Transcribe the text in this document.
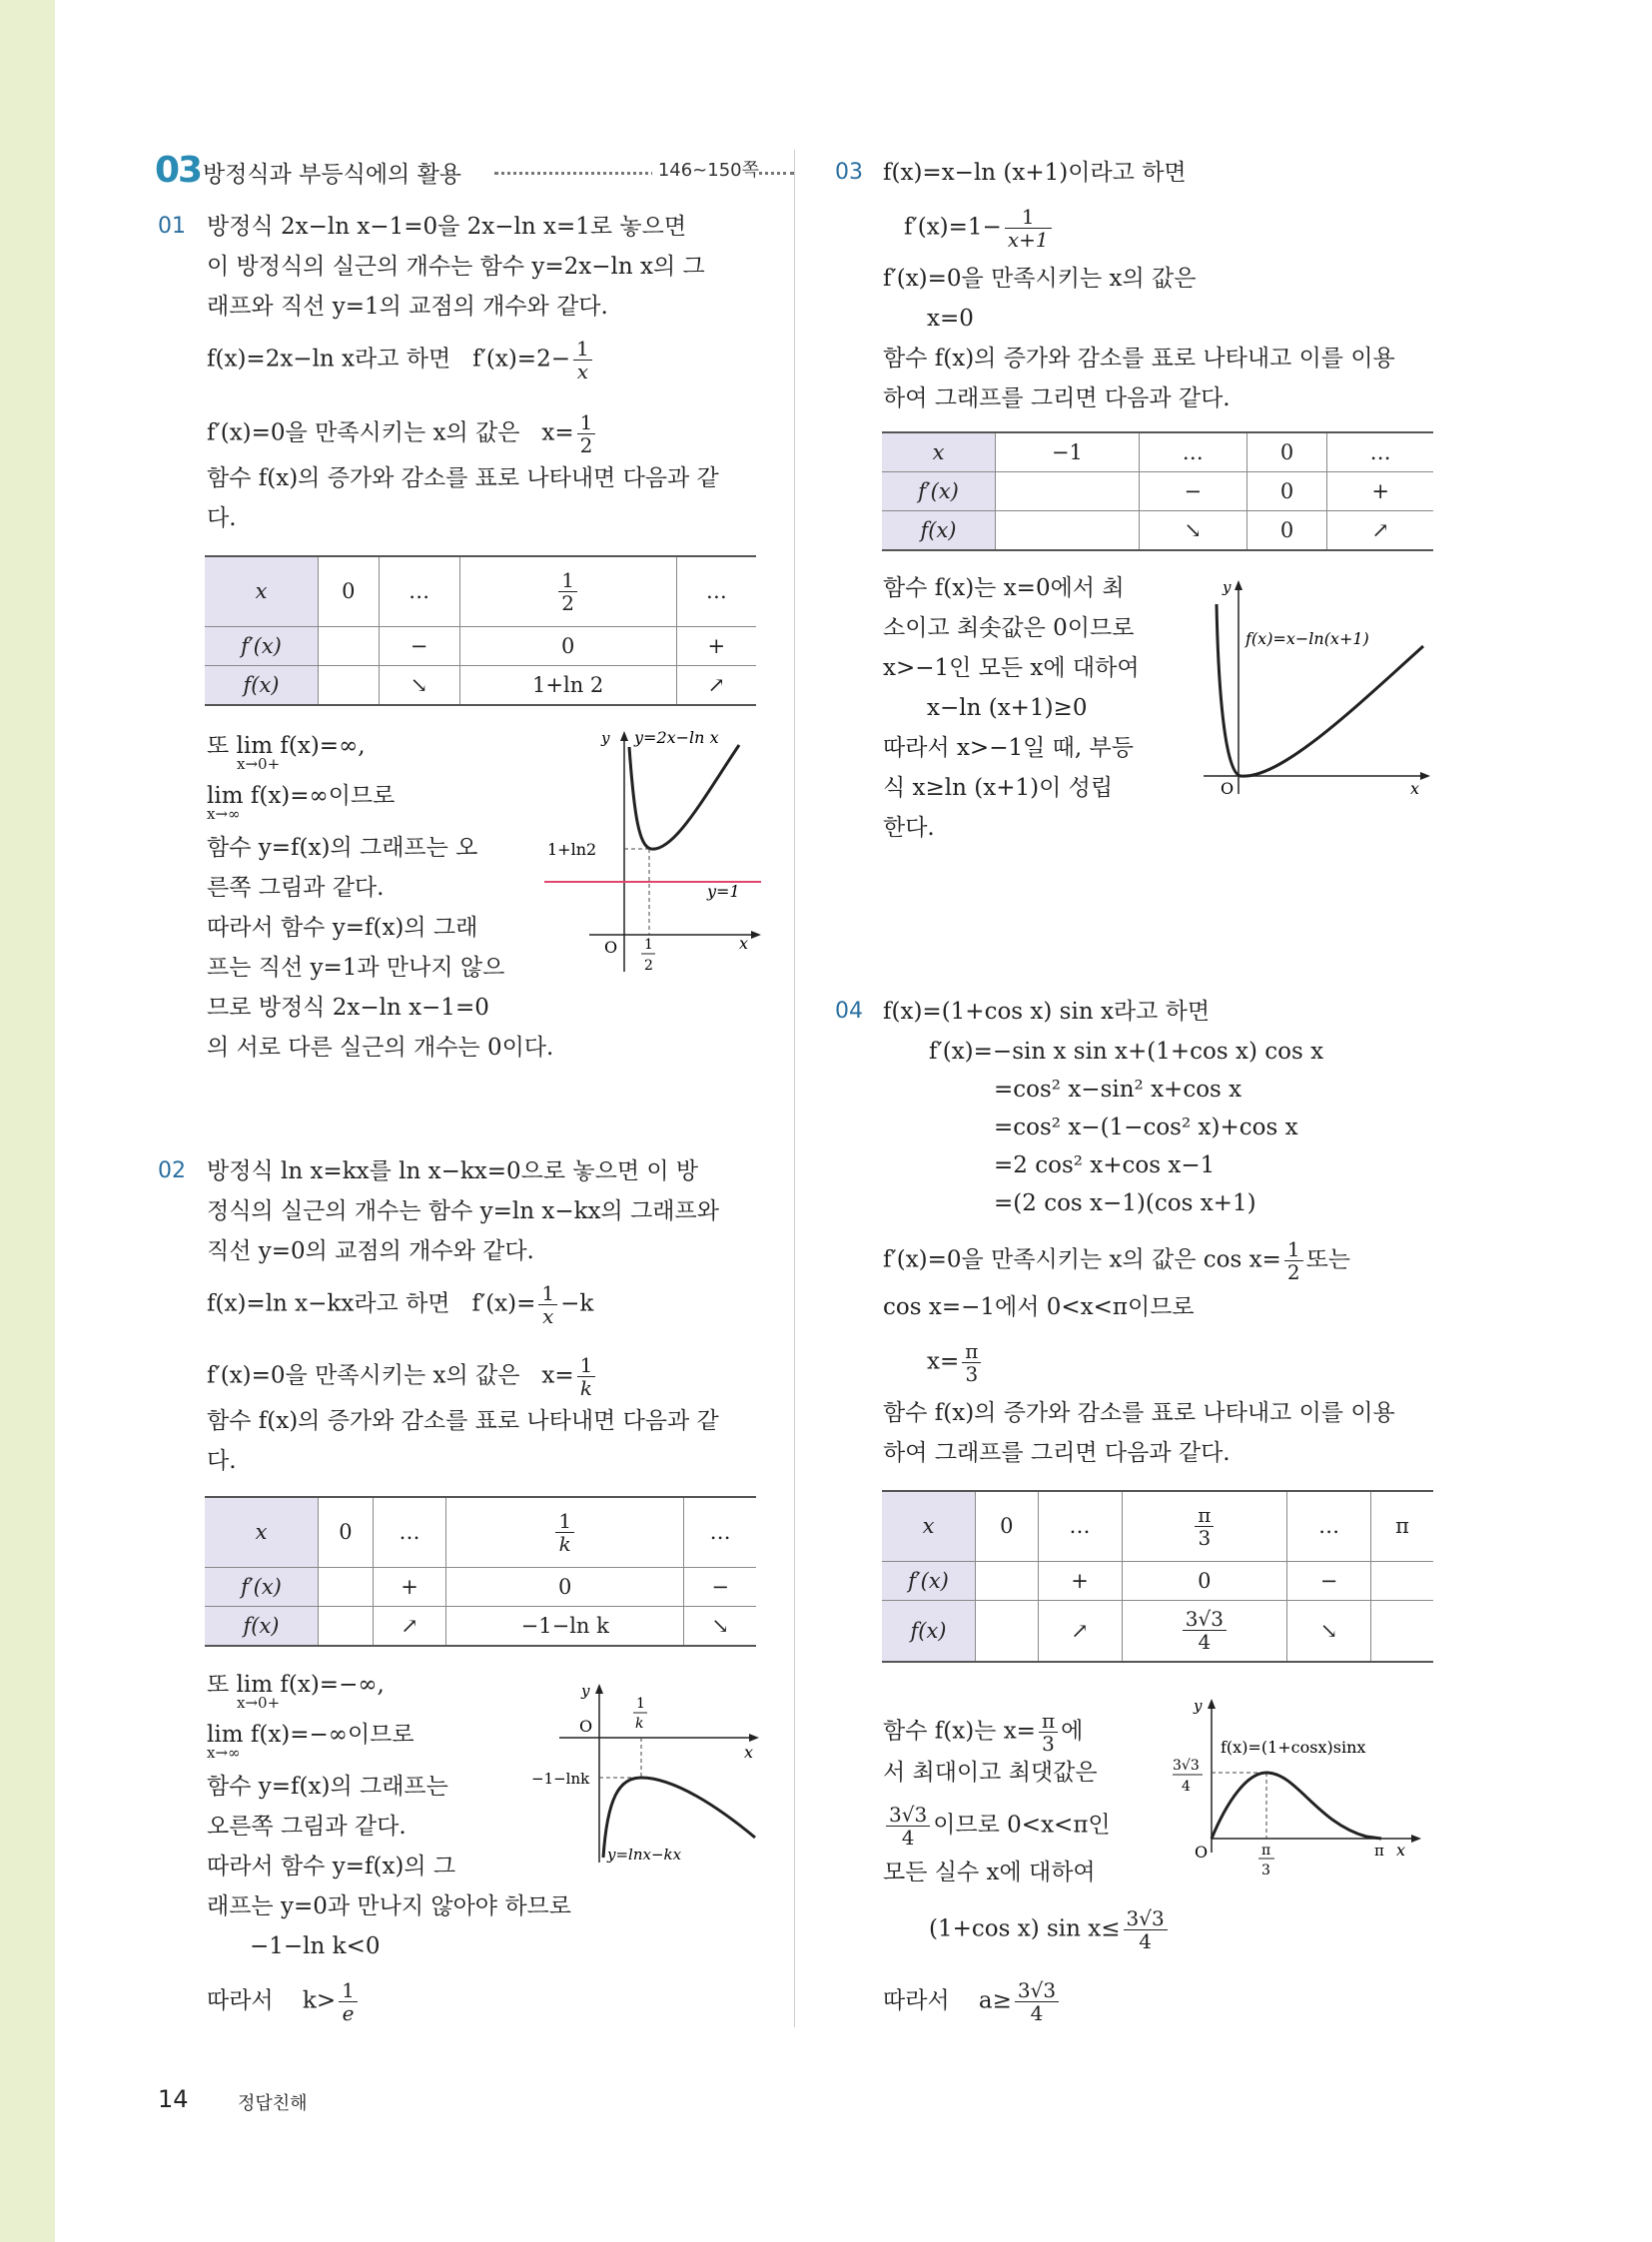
03 방정식과 부등식에의 활용	146~150쪽
01 방정식 2x−ln x−1=0을 2x−ln x=1로 놓으면
이 방정식의 실근의 개수는 함수 y=2x−ln x의 그
래프와 직선 y=1의 교점의 개수와 같다.
f(x)=2x−ln x라고 하면 $f'(x)=2- \frac{1}{x}$
f′(x)=0을 만족시키는 x의 값은 $x= \frac{1}{2}$
함수 f(x)의 증가와 감소를 표로 나타내면 다음과 같
다.
x	0	…	$\frac{1}{2}$	…
f′(x)		−	0	+
f(x)		↘	1+ln 2	↗
또 lim f(x)=∞,
x→0+
lim f(x)=∞이므로
x→∞
함수 y=f(x)의 그래프는 오
른쪽 그림과 같다.
따라서 함수 y=f(x)의 그래
프는 직선 y=1과 만나지 않으
므로 방정식 2x−ln x−1=0
의 서로 다른 실근의 개수는 0이다.
y y=2x−ln x
1+ln2
y=1
O 1
2
x
02 방정식 ln x=kx를 ln x−kx=0으로 놓으면 이 방
정식의 실근의 개수는 함수 y=ln x−kx의 그래프와
직선 y=0의 교점의 개수와 같다.
f(x)=ln x−kx라고 하면 $f'(x)= \frac{1}{x} -k$
f′(x)=0을 만족시키는 x의 값은 $x= \frac{1}{k}$
함수 f(x)의 증가와 감소를 표로 나타내면 다음과 같
다.
x	0	…	$\frac{1}{k}$	…
f′(x)		+	0	−
f(x)		↗	−1−ln k	↘
또 lim f(x)=−∞,
x→0+
lim f(x)=−∞이므로
x→∞
함수 y=f(x)의 그래프는
오른쪽 그림과 같다.
따라서 함수 y=f(x)의 그
래프는 y=0과 만나지 않아야 하므로
−1−ln k<0
따라서 $k> \frac{1}{e}$
y
O
1
k
x
−1−lnk
y=lnx−kx
03 f(x)=x−ln (x+1)이라고 하면
$f'(x)=1- \frac{1}{x+1}$
f′(x)=0을 만족시키는 x의 값은
x=0
함수 f(x)의 증가와 감소를 표로 나타내고 이를 이용
하여 그래프를 그리면 다음과 같다.
x	−1	…	0	…
f′(x)		−	0	+
f(x)		↘	0	↗
함수 f(x)는 x=0에서 최
소이고 최솟값은 0이므로
x>−1인 모든 x에 대하여
x−ln (x+1)≥0
따라서 x>−1일 때, 부등
식 x≥ln (x+1)이 성립
한다.
y
f(x)=x−ln(x+1)
O	x
04 f(x)=(1+cos x) sin x라고 하면
f′(x)=−sin x sin x+(1+cos x) cos x
=cos² x−sin² x+cos x
=cos² x−(1−cos² x)+cos x
=2 cos² x+cos x−1
=(2 cos x−1)(cos x+1)
f′(x)=0을 만족시키는 x의 값은 $\cos x= \frac{1}{2}$ 또는
cos x=−1에서 0<x<π이므로
$x= \frac{\pi}{3}$
함수 f(x)의 증가와 감소를 표로 나타내고 이를 이용
하여 그래프를 그리면 다음과 같다.
x	0	…	$\frac{\pi}{3}$	…	π
f′(x)		+	0	−	
f(x)		↗	$\frac{3√3}{4}$	↘	
함수 f(x)는 $x= \frac{\pi}{3}$ 에
서 최대이고 최댓값은
$\frac{3√3}{4}$ 이므로 0<x<π인
모든 실수 x에 대하여
(1+cos x) $\sin x\le \frac{3√3}{4}$
따라서 $a\ge \frac{3√3}{4}$
y
f(x)=(1+cosx)sinx
3√3
4
O	π
3
π x
14	정답친해
